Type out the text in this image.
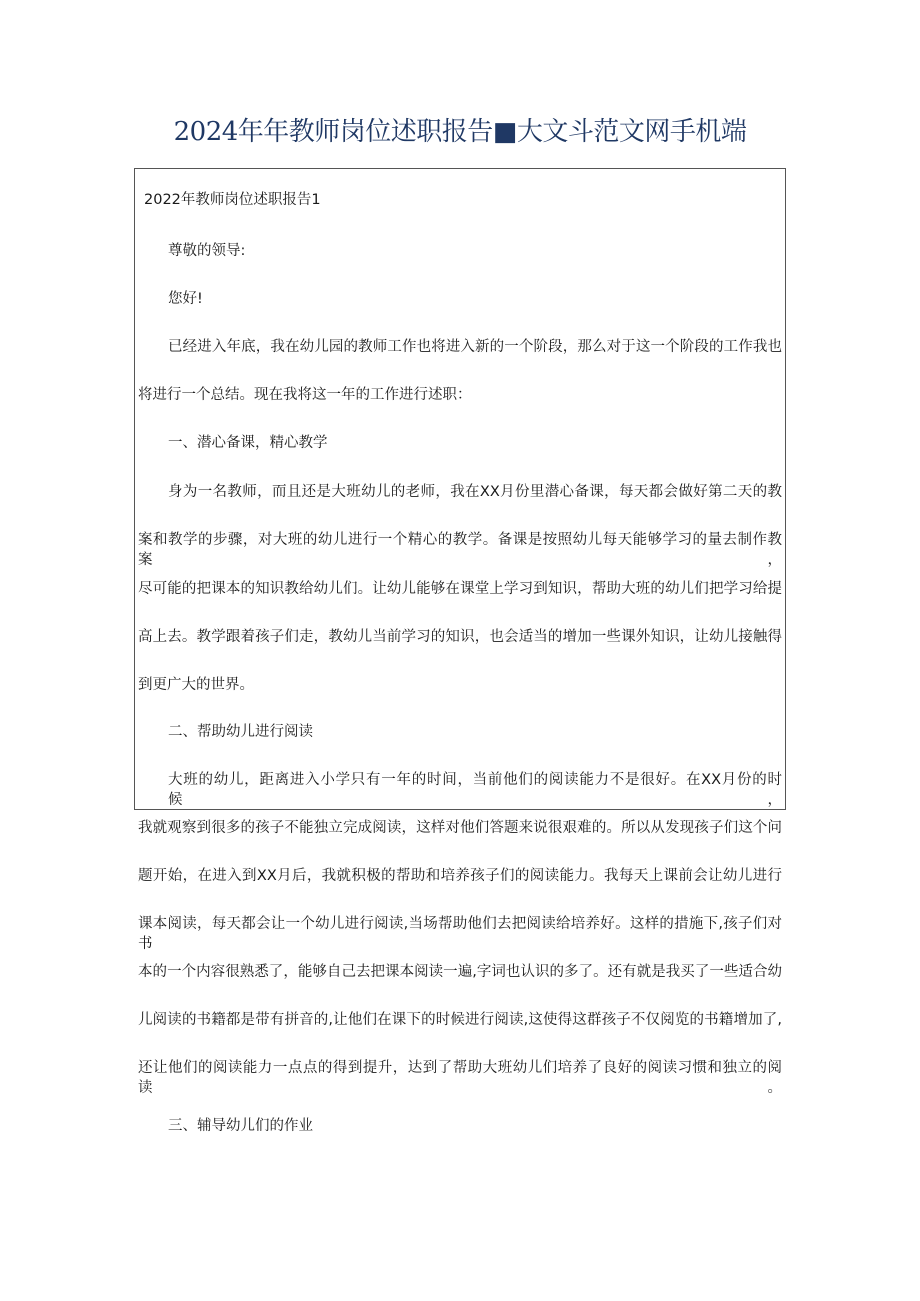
2024年年教师岗位述职报告■大文斗范文网手机端
2022年教师岗位述职报告1
尊敬的领导:
您好!
已经进入年底，我在幼儿园的教师工作也将进入新的一个阶段，那么对于这一个阶段的工作我也
将进行一个总结。现在我将这一年的工作进行述职：
一、潜心备课，精心教学
身为一名教师，而且还是大班幼儿的老师，我在XX月份里潜心备课，每天都会做好第二天的教
案和教学的步骤，对大班的幼儿进行一个精心的教学。备课是按照幼儿每天能够学习的量去制作教案，
尽可能的把课本的知识教给幼儿们。让幼儿能够在课堂上学习到知识，帮助大班的幼儿们把学习给提
高上去。教学跟着孩子们走，教幼儿当前学习的知识，也会适当的增加一些课外知识，让幼儿接触得
到更广大的世界。
二、帮助幼儿进行阅读
大班的幼儿，距离进入小学只有一年的时间，当前他们的阅读能力不是很好。在XX月份的时候，
我就观察到很多的孩子不能独立完成阅读，这样对他们答题来说很艰难的。所以从发现孩子们这个问
题开始，在进入到XX月后，我就积极的帮助和培养孩子们的阅读能力。我每天上课前会让幼儿进行
课本阅读，每天都会让一个幼儿进行阅读,当场帮助他们去把阅读给培养好。这样的措施下,孩子们对书
本的一个内容很熟悉了，能够自己去把课本阅读一遍,字词也认识的多了。还有就是我买了一些适合幼
儿阅读的书籍都是带有拼音的,让他们在课下的时候进行阅读,这使得这群孩子不仅阅览的书籍增加了,
还让他们的阅读能力一点点的得到提升，达到了帮助大班幼儿们培养了良好的阅读习惯和独立的阅读。
三、辅导幼儿们的作业
